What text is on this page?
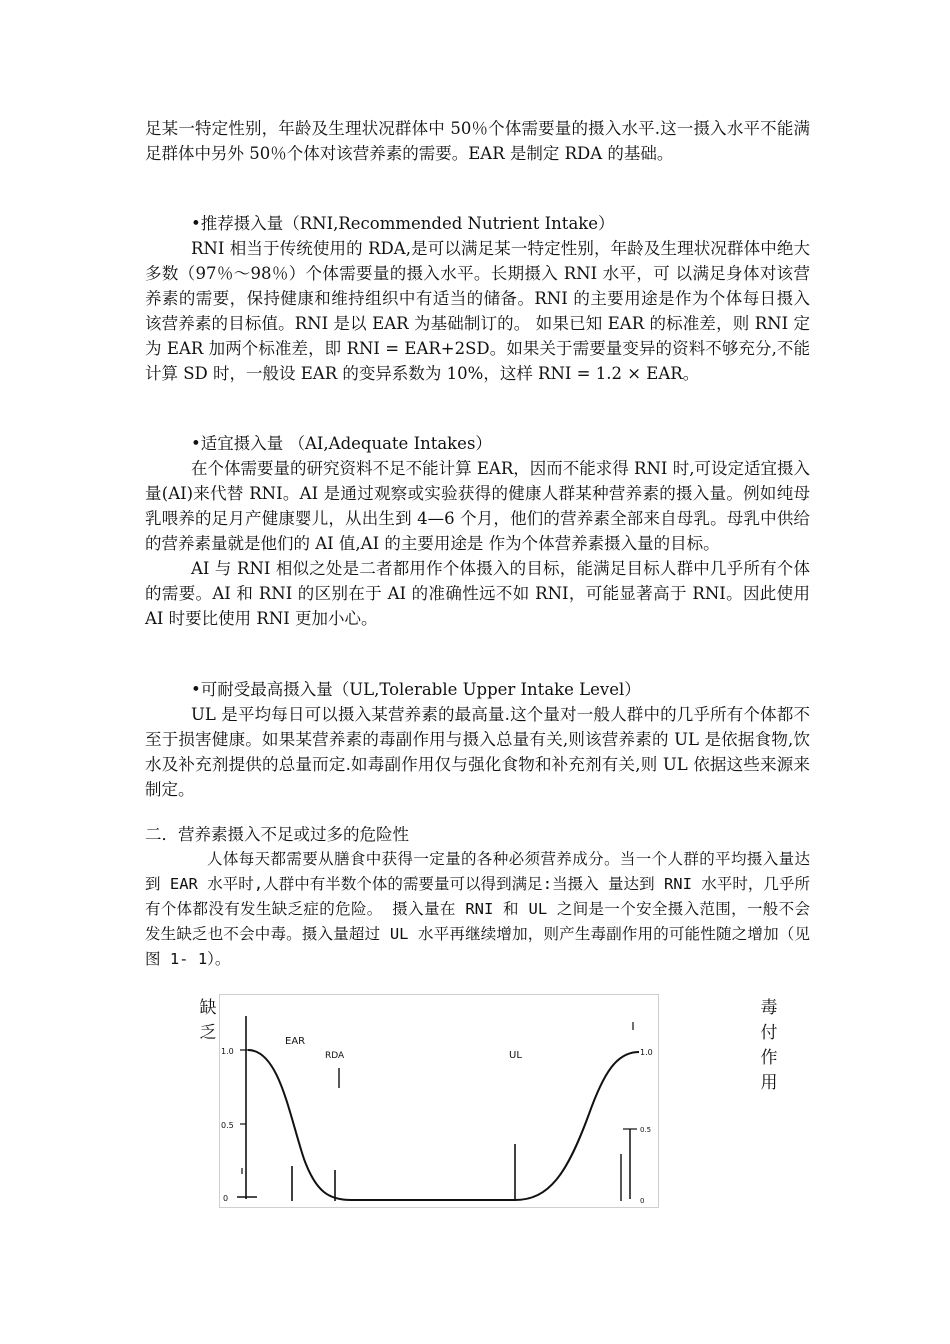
足某一特定性别，年龄及生理状况群体中 50％个体需要量的摄入水平.这一摄入水平不能满足群体中另外 50％个体对该营养素的需要。EAR 是制定 RDA 的基础。

•推荐摄入量（RNI,Recommended Nutrient Intake）

RNI 相当于传统使用的 RDA,是可以满足某一特定性别，年龄及生理状况群体中绝大多数（97％～98％）个体需要量的摄入水平。长期摄入 RNI 水平，可 以满足身体对该营养素的需要，保持健康和维持组织中有适当的储备。RNI 的主要用途是作为个体每日摄入该营养素的目标值。RNI 是以 EAR 为基础制订的。 如果已知 EAR 的标准差，则 RNI 定为 EAR 加两个标准差，即 RNI = EAR+2SD。如果关于需要量变异的资料不够充分,不能计算 SD 时，一般设 EAR 的变异系数为 10%，这样 RNI = 1.2 × EAR。

•适宜摄入量 （AI,Adequate Intakes）

在个体需要量的研究资料不足不能计算 EAR，因而不能求得 RNI 时,可设定适宜摄入量(AI)来代替 RNI。AI 是通过观察或实验获得的健康人群某种营养素的摄入量。例如纯母乳喂养的足月产健康婴儿，从出生到 4—6 个月，他们的营养素全部来自母乳。母乳中供给的营养素量就是他们的 AI 值,AI 的主要用途是 作为个体营养素摄入量的目标。

AI 与 RNI 相似之处是二者都用作个体摄入的目标，能满足目标人群中几乎所有个体的需要。AI 和 RNI 的区别在于 AI 的准确性远不如 RNI，可能显著高于 RNI。因此使用 AI 时要比使用 RNI 更加小心。

•可耐受最高摄入量（UL,Tolerable Upper Intake Level）

UL 是平均每日可以摄入某营养素的最高量.这个量对一般人群中的几乎所有个体都不至于损害健康。如果某营养素的毒副作用与摄入总量有关,则该营养素的 UL 是依据食物,饮水及补充剂提供的总量而定.如毒副作用仅与强化食物和补充剂有关,则 UL 依据这些来源来制定。

二．营养素摄入不足或过多的危险性

人体每天都需要从膳食中获得一定量的各种必须营养成分。当一个人群的平均摄入量达到 EAR 水平时,人群中有半数个体的需要量可以得到满足:当摄入 量达到 RNI 水平时，几乎所有个体都没有发生缺乏症的危险。 摄入量在 RNI 和 UL 之间是一个安全摄入范围，一般不会发生缺乏也不会中毒。摄入量超过 UL 水平再继续增加，则产生毒副作用的可能性随之增加（见图 1- 1）。

缺
乏
毒
付
作
用
1.0
0.5
0
1.0
0.5
0
EAR
RDA	UL
